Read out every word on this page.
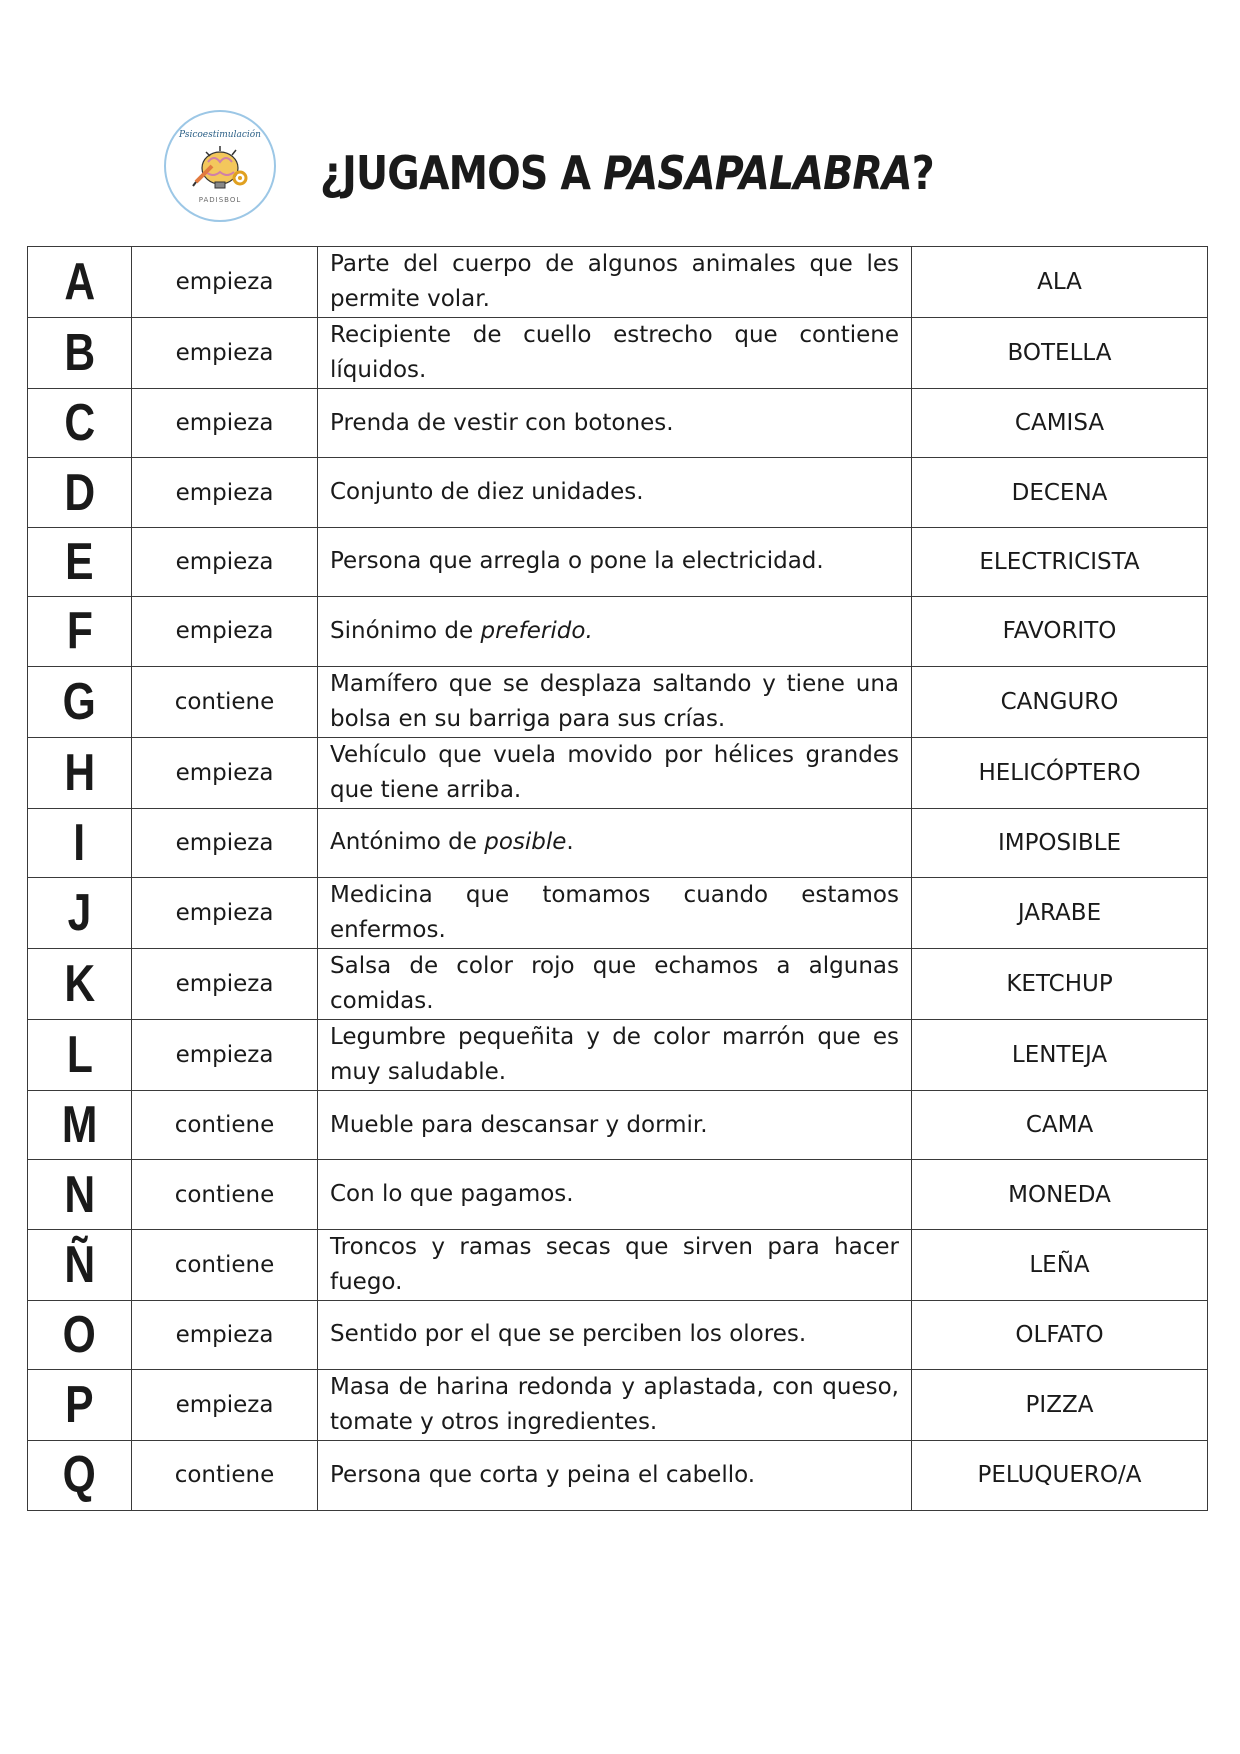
Psicoestimulación
PADISBOL	¿JUGAMOS A PASAPALABRA?
A	empieza	Parte del cuerpo de algunos animales que les permite volar.	ALA
B	empieza	Recipiente de cuello estrecho que contiene líquidos.	BOTELLA
C	empieza	Prenda de vestir con botones.	CAMISA
D	empieza	Conjunto de diez unidades.	DECENA
E	empieza	Persona que arregla o pone la electricidad.	ELECTRICISTA
F	empieza	Sinónimo de preferido.	FAVORITO
G	contiene	Mamífero que se desplaza saltando y tiene una bolsa en su barriga para sus crías.	CANGURO
H	empieza	Vehículo que vuela movido por hélices grandes que tiene arriba.	HELICÓPTERO
I	empieza	Antónimo de posible.	IMPOSIBLE
J	empieza	Medicina que tomamos cuando estamos enfermos.	JARABE
K	empieza	Salsa de color rojo que echamos a algunas comidas.	KETCHUP
L	empieza	Legumbre pequeñita y de color marrón que es muy saludable.	LENTEJA
M	contiene	Mueble para descansar y dormir.	CAMA
N	contiene	Con lo que pagamos.	MONEDA
Ñ	contiene	Troncos y ramas secas que sirven para hacer fuego.	LEÑA
O	empieza	Sentido por el que se perciben los olores.	OLFATO
P	empieza	Masa de harina redonda y aplastada, con queso, tomate y otros ingredientes.	PIZZA
Q	contiene	Persona que corta y peina el cabello.	PELUQUERO/A
